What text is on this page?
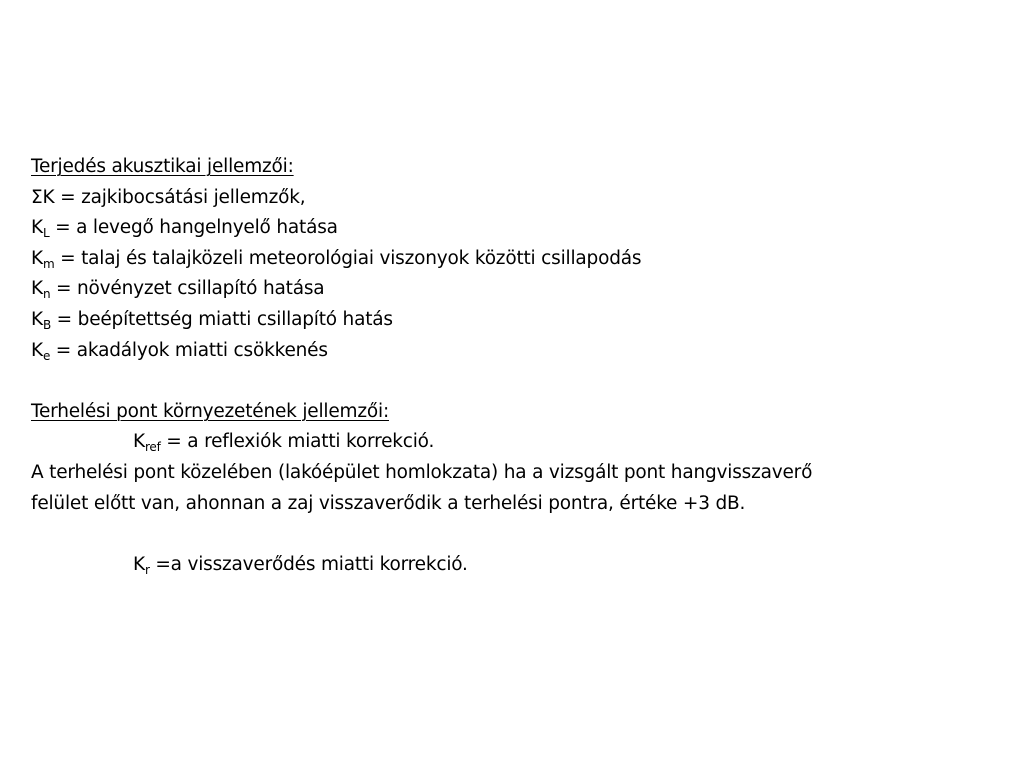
Terjedés akusztikai jellemzői:
ΣK = zajkibocsátási jellemzők,
$K_L = a$ levegő hangelnyelő hatása
$K_m$ = talaj és talajközeli meteorológiai viszonyok közötti csillapodás
$K_n$ = növényzet csillapító hatása
$K_B$ = beépítettség miatti csillapító hatás
$K_e$ = akadályok miatti csökkenés
Terhelési pont környezetének jellemzői:
$K_{ref} = a$ reflexiók miatti korrekció.
A terhelési pont közelében (lakóépület homlokzata) ha a vizsgált pont hangvisszaverő
felület előtt van, ahonnan a zaj visszaverődik a terhelési pontra, értéke +3 dB.
$K_r =a$ visszaverődés miatti korrekció.
